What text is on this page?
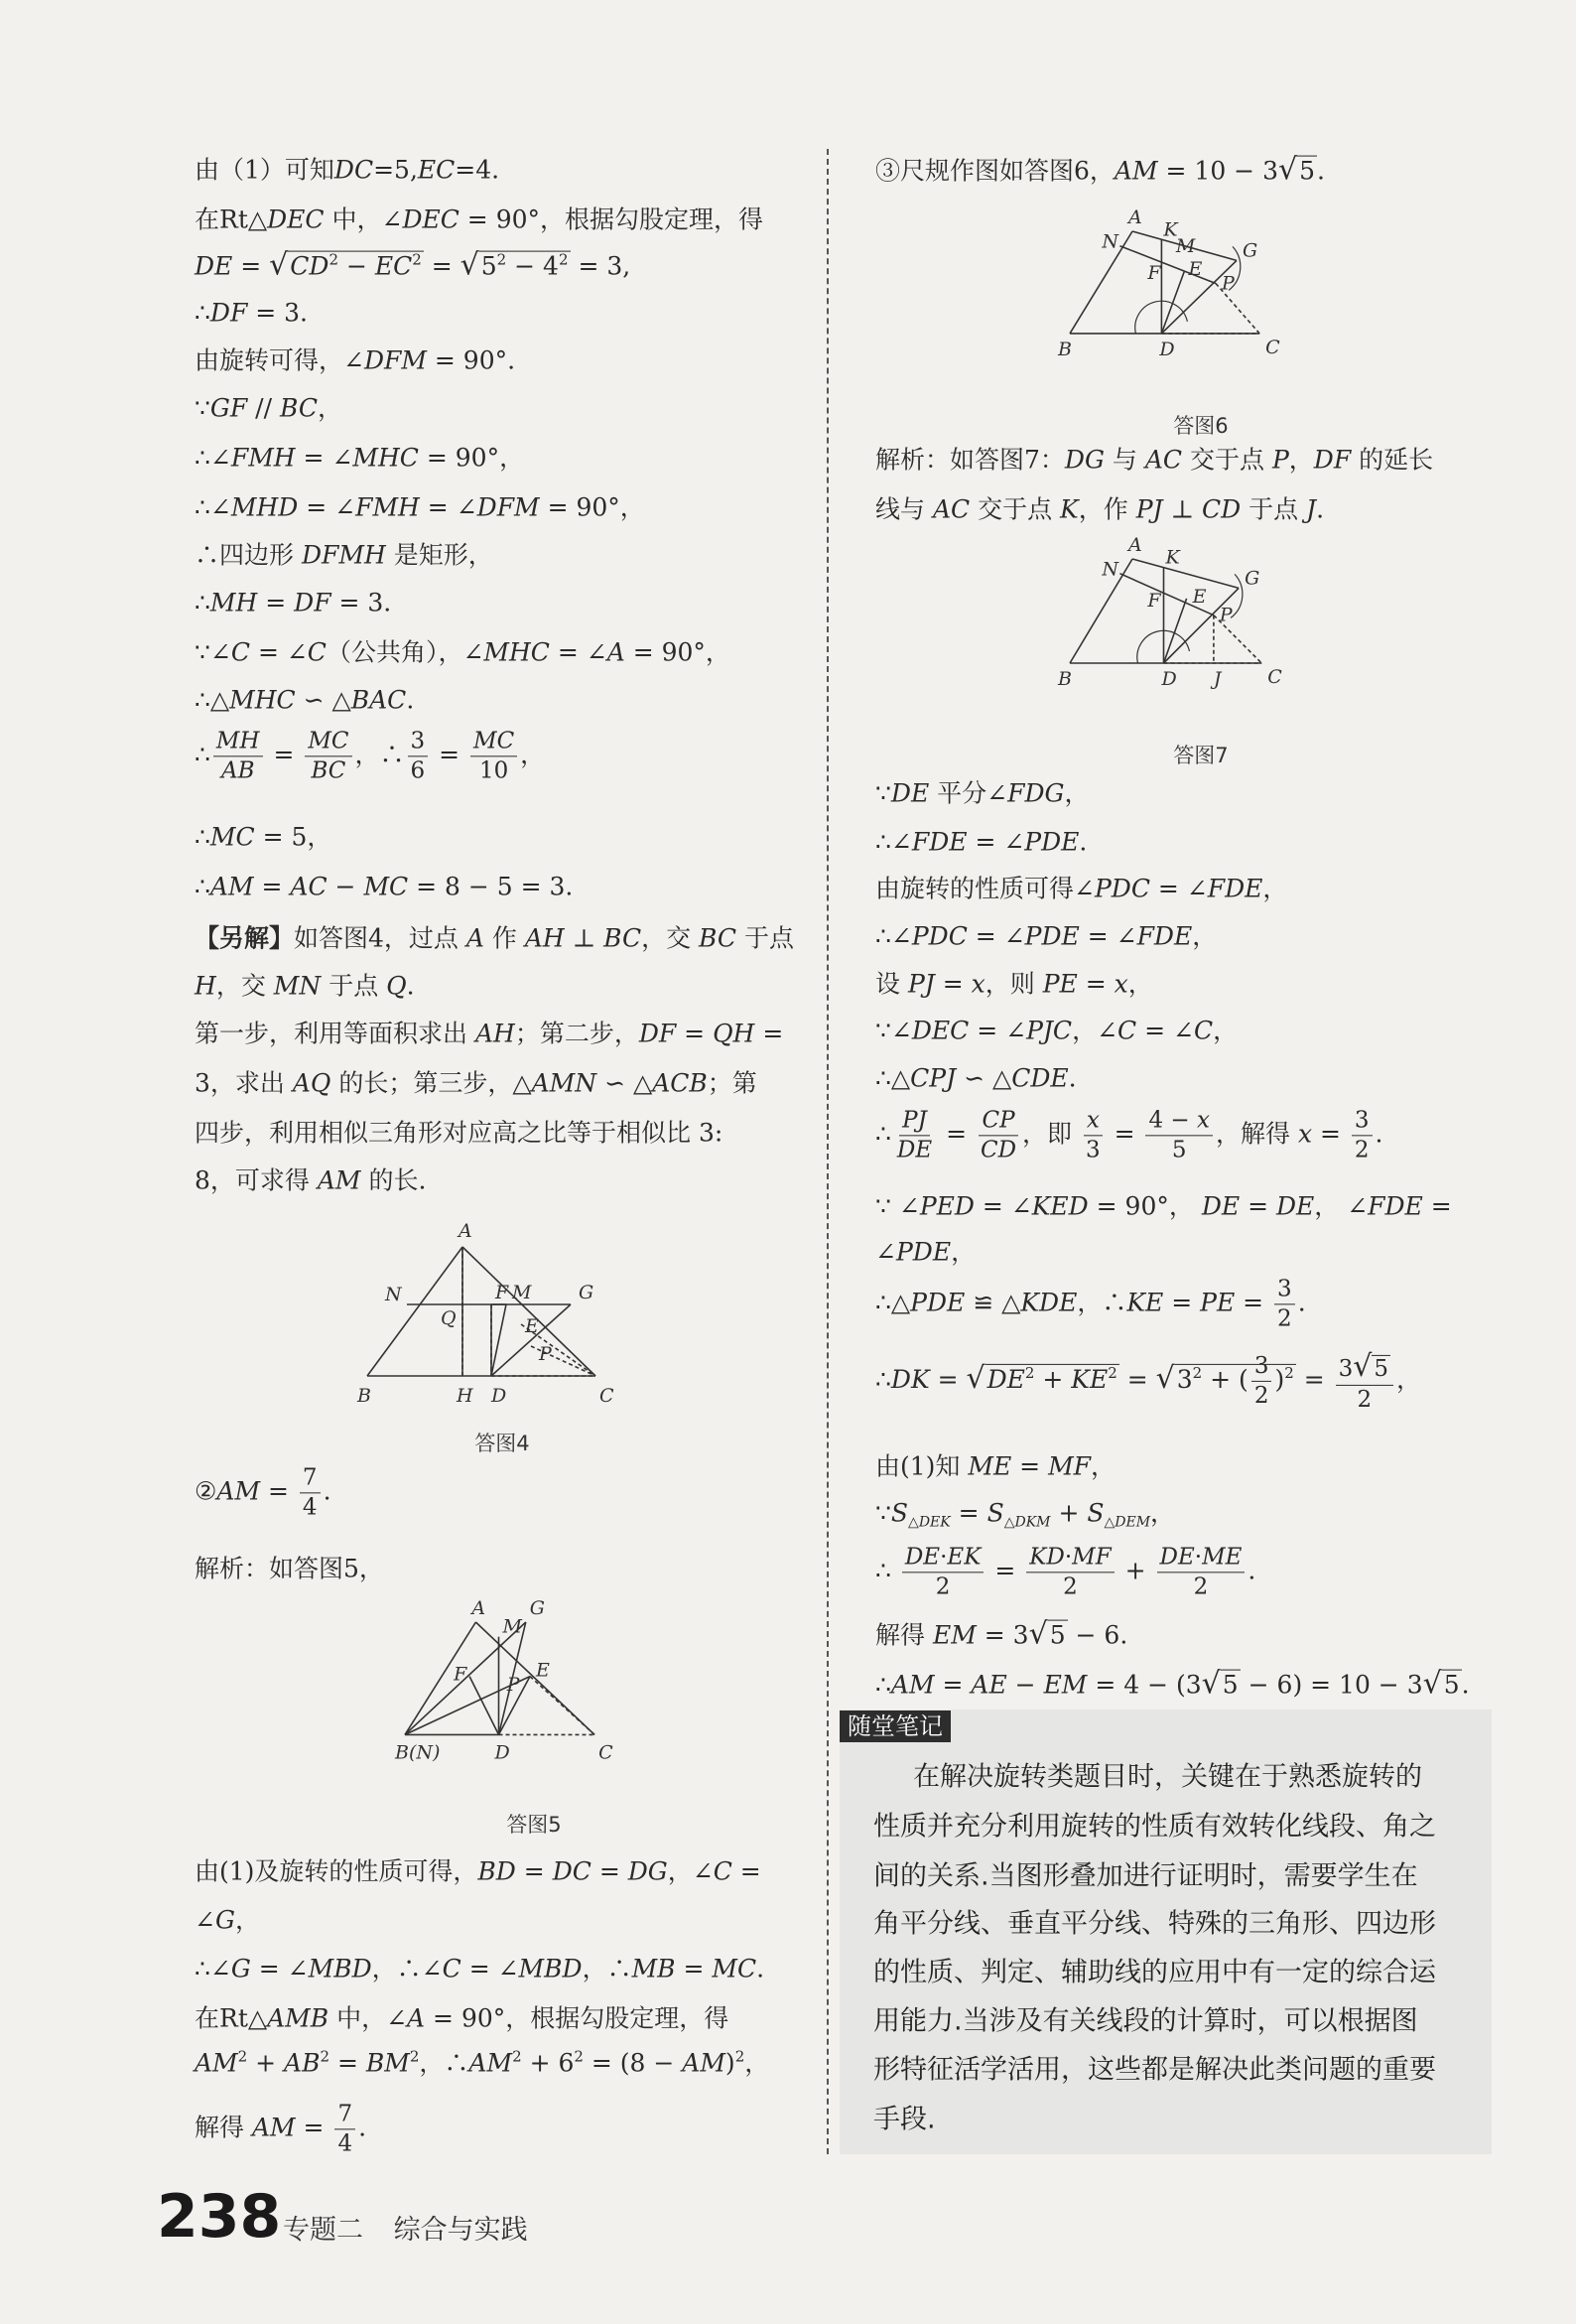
由（1）可知DC=5,EC=4.
在Rt△DEC 中，∠DEC = 90°，根据勾股定理，得
DE = $√CD^2 - EC^2 = √5^2 - 4^2 = 3$,
∴DF = 3.
由旋转可得，∠DFM = 90°.
∵GF // BC，
∴∠FMH = ∠MHC = 90°，
∴∠MHD = ∠FMH = ∠DFM = 90°，
∴四边形 DFMH 是矩形，
∴MH = DF = 3.
∵∠C = ∠C（公共角），∠MHC = ∠A = 90°，
∴△MHC ∽ △BAC.
∴ $\frac{MH}{AB} = \frac{MC}{BC}$ ，∴ $\frac{3}{6} = \frac{MC}{10}$ ，
∴MC = 5，
∴AM = AC − MC = 8 − 5 = 3.
【另解】如答图4，过点 A 作 AH ⊥ BC，交 BC 于点
H，交 MN 于点 Q.
第一步，利用等面积求出 AH；第二步，DF = QH =
3，求出 AQ 的长；第三步，△AMN ∽ △ACB；第
四步，利用相似三角形对应高之比等于相似比 3:
8，可求得 AM 的长.
②AM = $\frac{7}{4}$ .
解析：如答图5，
由(1)及旋转的性质可得，BD = DC = DG，∠C =
∠G，
∴∠G = ∠MBD，∴∠C = ∠MBD，∴MB = MC.
在Rt△AMB 中，∠A = 90°，根据勾股定理，得
$AM^2 + AB^2 = BM^2$，$\therefore AM^2 + 6^2 = (8 - AM)^2$，
解得 AM = $\frac{7}{4}$ .
③尺规作图如答图6，AM = 10 − 3√5.
解析：如答图7：DG 与 AC 交于点 P，DF 的延长
线与 AC 交于点 K，作 PJ ⊥ CD 于点 J.
∵DE 平分∠FDG，
∴∠FDE = ∠PDE.
由旋转的性质可得∠PDC = ∠FDE，
∴∠PDC = ∠PDE = ∠FDE，
设 PJ = x，则 PE = x，
∵∠DEC = ∠PJC，∠C = ∠C，
∴△CPJ ∽ △CDE.
∴ $\frac{PJ}{DE} = \frac{CP}{CD}$ ，即 $\frac{x}{3} = \frac{4 - x}{5}$ ，解得 $x = \frac{3}{2}$ .
∵ ∠PED = ∠KED = 90°， DE = DE， ∠FDE =
∠PDE，
∴△PDE ≌ △KDE，∴KE = PE = $\frac{3}{2}$ .
∴DK = $√DE^2 + KE^2 = √3^2$ + ( $\frac{3}{2} )^2 = \frac{3√5}{2}$ ，
由(1)知 ME = MF，
$\because S_{\triangle DEK} = S_{\triangle DKM} + S_{\triangle DEM}$，
∴ $\frac{DE\cdot EK}{2} = \frac{KD\cdot MF}{2} + \frac{DE\cdot ME}{2}$ .
解得 EM = 3√5 − 6.
∴AM = AE − EM = 4 − (3√5 − 6) = 10 − 3√5.
A
B	C
H D
N
Q
F M	G
E
P
答图4
A
M
G
F P
E
B(N)	D	C
答图5
A
N
K
M
F E
G
P
B	D	C
答图6
A
N
K
F E
G
P
B	D J C
答图7
随堂笔记
在解决旋转类题目时，关键在于熟悉旋转的
性质并充分利用旋转的性质有效转化线段、角之
间的关系.当图形叠加进行证明时，需要学生在
角平分线、垂直平分线、特殊的三角形、四边形
的性质、判定、辅助线的应用中有一定的综合运
用能力.当涉及有关线段的计算时，可以根据图
形特征活学活用，这些都是解决此类问题的重要
手段.
238 专题二 综合与实践
